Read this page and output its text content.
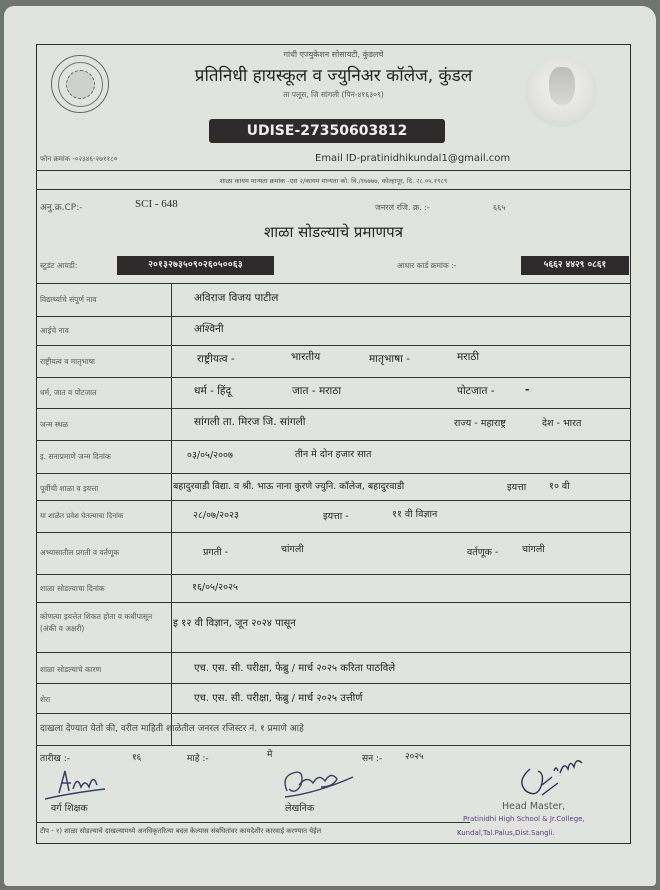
गांधी एज्युकेशन सोसायटी, कुंडलचे
प्रतिनिधी हायस्कूल व ज्युनिअर कॉलेज, कुंडल
ता पलूस, जि सांगली (पिन-४१६३०९)
UDISE-27350603812
फोन क्रमांक -०२३४६-२७११८०	Email ID-pratinidhikundal1@gmail.com
शाळा कायम मान्यता क्रमांक -एस २/कायम मान्यता को. वि./१७७७७, कोल्हापूर, दि. २८.०५.१९८९
अनु.क्र.CP:-	SCI - 648	जनरल रजि. क्र. :-	६६५
शाळा सोडल्याचे प्रमाणपत्र
स्टुडंट आयडी:	२०१३२७३५०९०२६०५००६३	आधार कार्ड क्रमांक :-	५६६२ ४४२९ ०८६१
विद्यार्थ्याचे संपूर्ण नाव	अविराज विजय पाटील
आईचे नाव	अश्विनी
राष्ट्रीयत्व व मातृभाषा	राष्ट्रीयत्व -	भारतीय	मातृभाषा -	मराठी
धर्म, जात व पोटजात	धर्म - हिंदू	जात - मराठा	पोटजात -	-
जन्म स्थळ	सांगली ता. मिरज जि. सांगली	राज्य - महाराष्ट्र	देश - भारत
इ. सनाप्रमाणे जन्म दिनांक	०३/०५/२००७	तीन मे दोन हजार सात
पूर्वीची शाळा व इयत्ता	बहादुरवाडी विद्या. व श्री. भाऊ नाना कुरणे ज्युनि. कॉलेज, बहादुरवाडी	इयत्ता १० वी
या शाळेत प्रवेश घेतल्याचा दिनांक	२८/०७/२०२३	इयत्ता -	११ वी विज्ञान
अभ्यासातील प्रगती व वर्तणूक	प्रगती -	चांगली	वर्तणूक - चांगली
शाळा सोडल्याचा दिनांक	१६/०५/२०२५
कोणत्या इयत्तेत शिकत होता व कधीपासून (अंकी व अक्षरी)	इ १२ वी विज्ञान, जून २०२४ पासून
शाळा सोडल्याचे कारण	एच. एस. सी. परीक्षा, फेब्रु / मार्च २०२५ करिता पाठविले
शेरा	एच. एस. सी. परीक्षा, फेब्रु / मार्च २०२५ उत्तीर्ण
दाखला देण्यात येतो की, वरील माहिती शाळेतील जनरल रजिस्टर नं. १ प्रमाणे आहे
तारीख :-	१६	माहे :-	मे	सन :-	२०२५
वर्ग शिक्षक	लेखनिक	Head Master,
Pratinidhi High School & Jr.College,
टीप - १) शाळा सोडल्याचे दाखल्यामध्ये अनधिकृतरित्या बदल केल्यास संबधितांवर कायदेशीर कारवाई करण्यात येईल	Kundal,Tal.Palus,Dist.Sangli.
